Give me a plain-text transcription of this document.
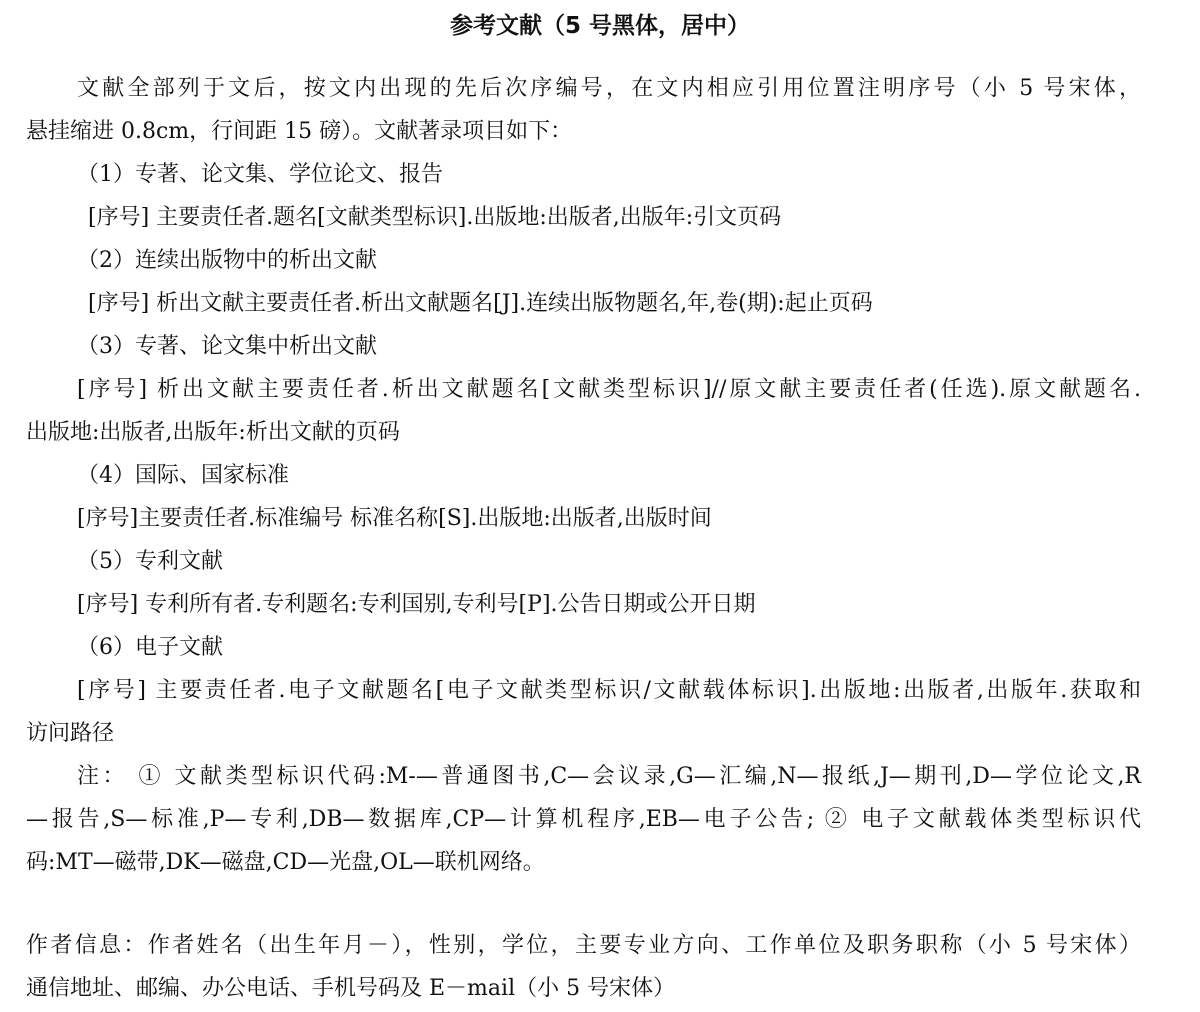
参考文献（5 号黑体，居中）
文献全部列于文后，按文内出现的先后次序编号，在文内相应引用位置注明序号（小 5 号宋体，
悬挂缩进 0.8cm，行间距 15 磅）。文献著录项目如下：
（1）专著、论文集、学位论文、报告
[序号] 主要责任者.题名[文献类型标识].出版地:出版者,出版年:引文页码
（2）连续出版物中的析出文献
[序号] 析出文献主要责任者.析出文献题名[J].连续出版物题名,年,卷(期):起止页码
（3）专著、论文集中析出文献
[序号] 析出文献主要责任者.析出文献题名[文献类型标识]//原文献主要责任者(任选).原文献题名.
出版地:出版者,出版年:析出文献的页码
（4）国际、国家标准
[序号]主要责任者.标准编号 标准名称[S].出版地:出版者,出版时间
（5）专利文献
[序号] 专利所有者.专利题名:专利国别,专利号[P].公告日期或公开日期
（6）电子文献
[序号] 主要责任者.电子文献题名[电子文献类型标识/文献载体标识].出版地:出版者,出版年.获取和
访问路径
注： ① 文献类型标识代码:M-—普通图书,C—会议录,G—汇编,N—报纸,J—期刊,D—学位论文,R
—报告,S—标准,P—专利,DB—数据库,CP—计算机程序,EB—电子公告; ② 电子文献载体类型标识代
码:MT—磁带,DK—磁盘,CD—光盘,OL—联机网络。
作者信息：作者姓名（出生年月－），性别，学位，主要专业方向、工作单位及职务职称（小 5 号宋体）
通信地址、邮编、办公电话、手机号码及 E－mail（小 5 号宋体）
